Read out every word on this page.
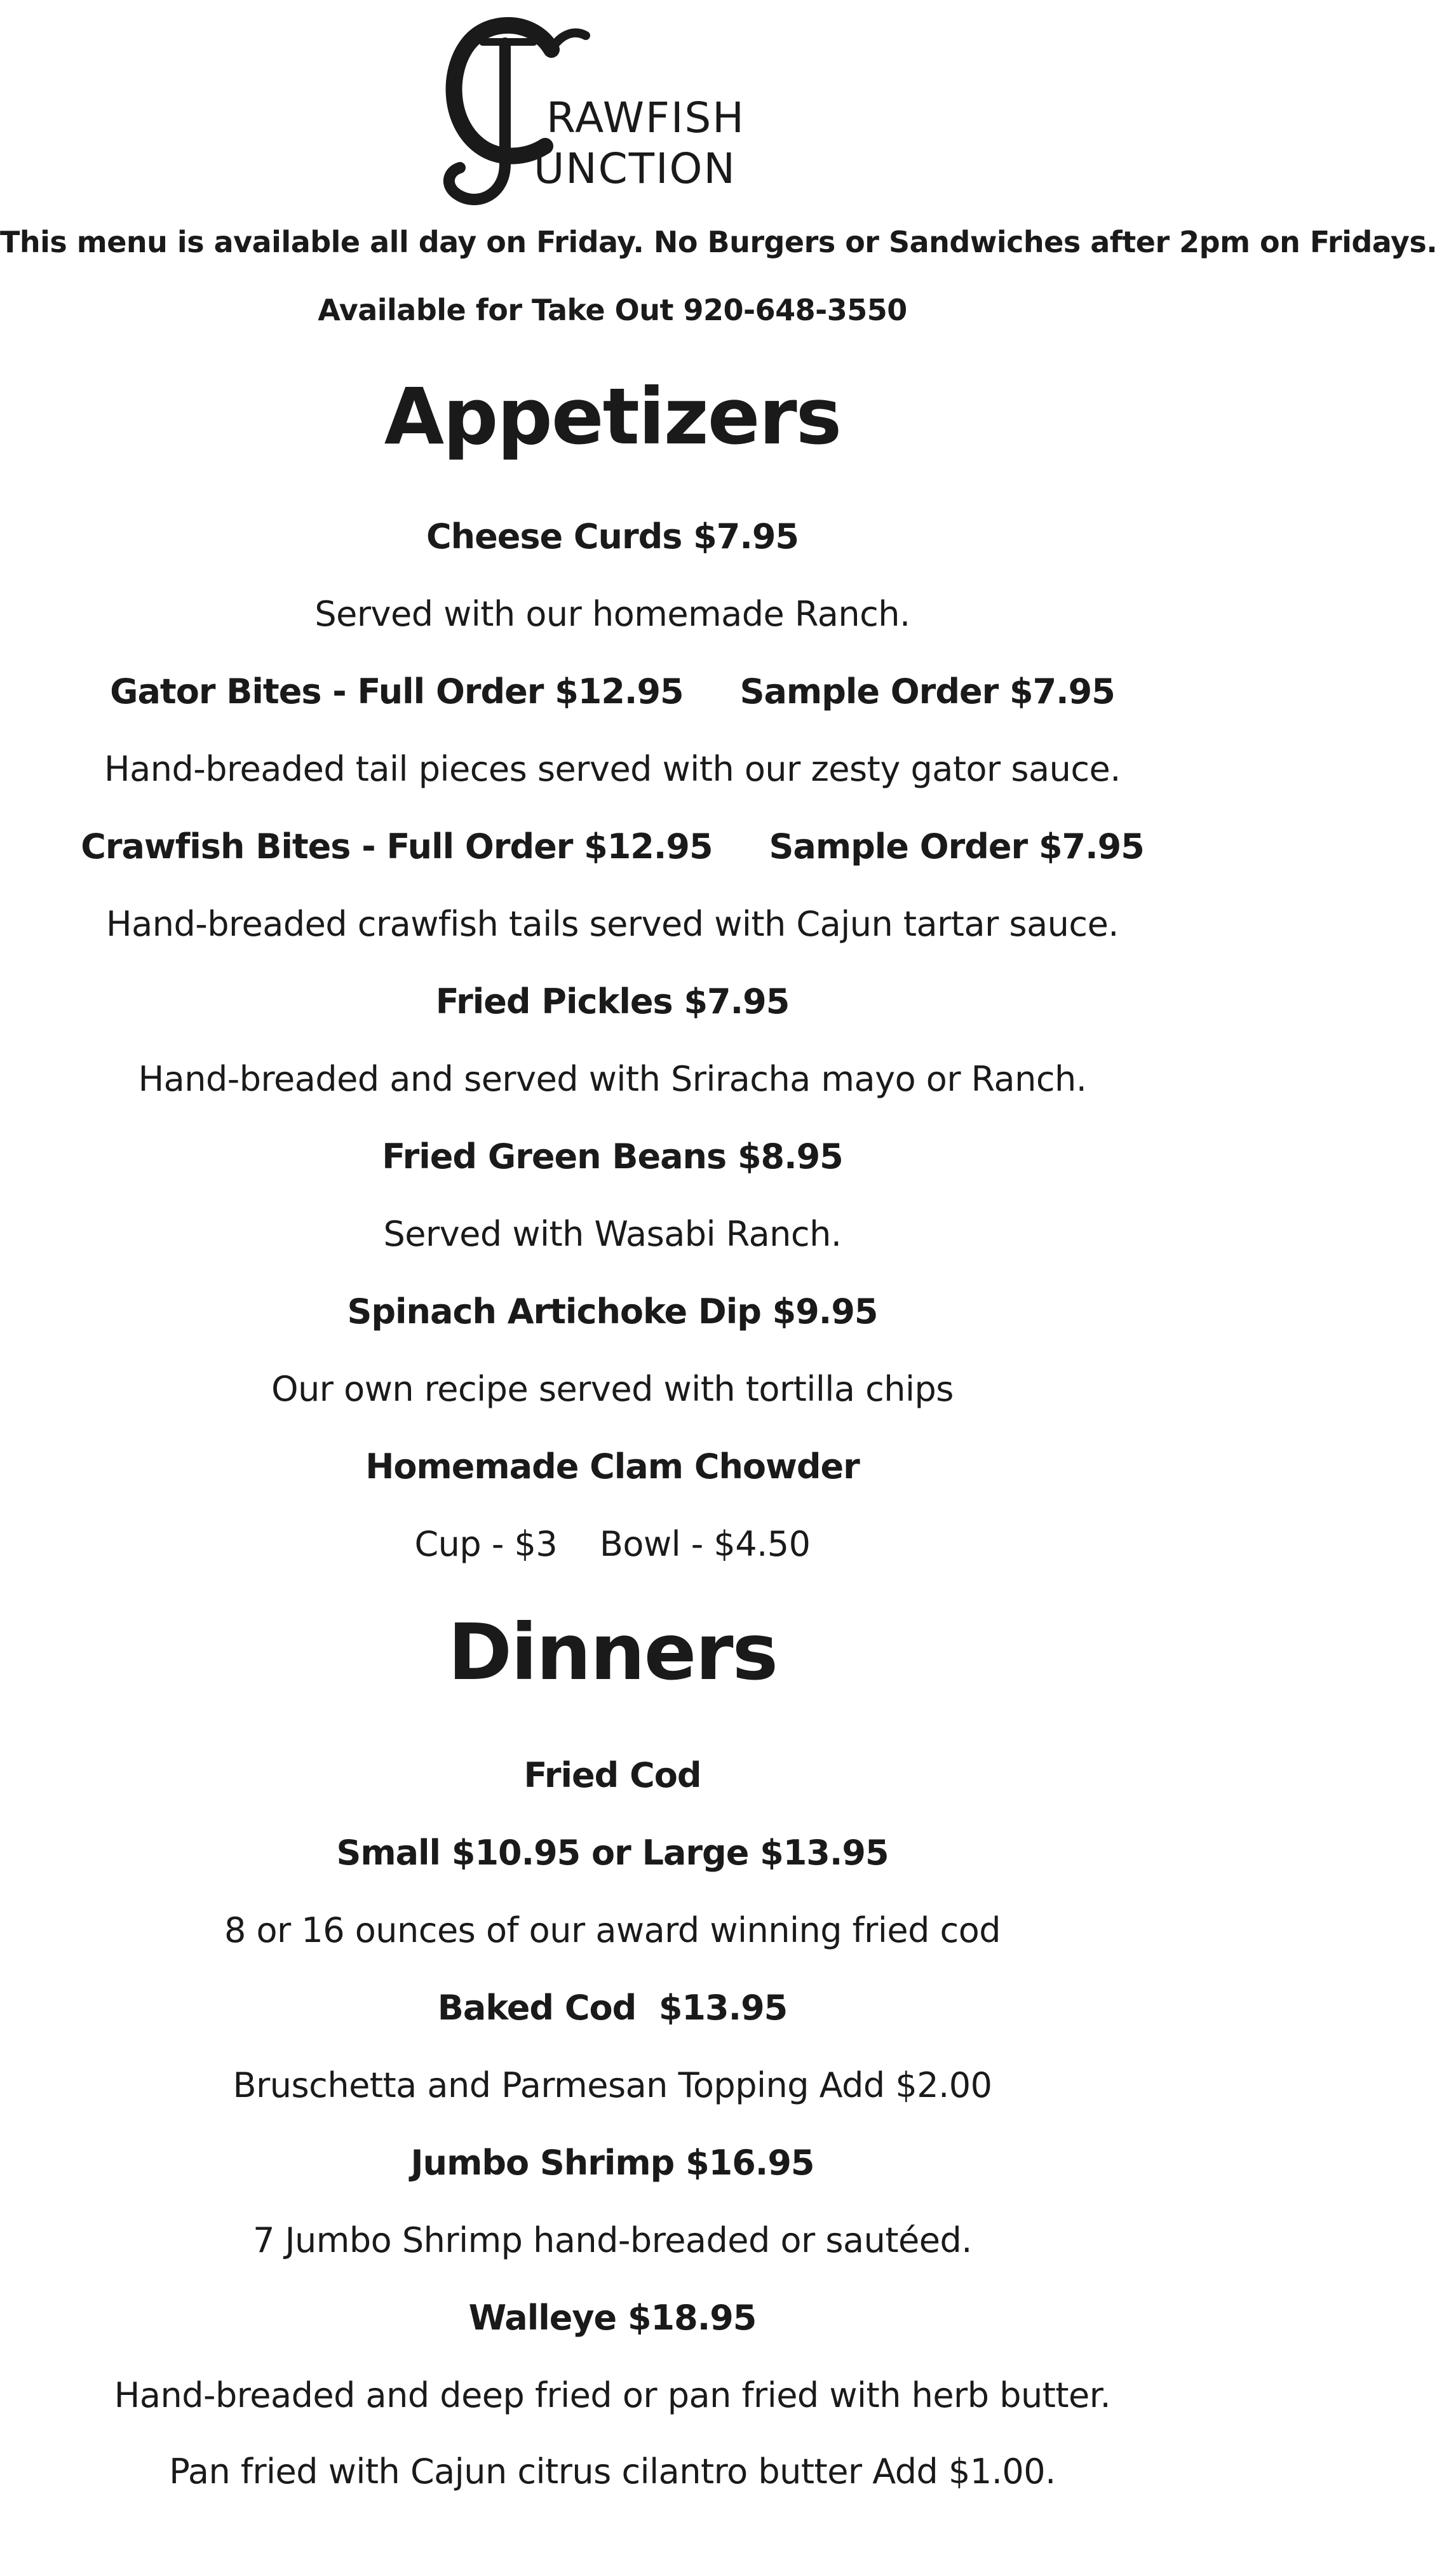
RAWFISH
UNCTION
This menu is available all day on Friday. No Burgers or Sandwiches after 2pm on Fridays.
Available for Take Out 920-648-3550
Appetizers
Cheese Curds $7.95
Served with our homemade Ranch.
Gator Bites - Full Order $12.95     Sample Order $7.95
Hand-breaded tail pieces served with our zesty gator sauce.
Crawfish Bites - Full Order $12.95     Sample Order $7.95
Hand-breaded crawfish tails served with Cajun tartar sauce.
Fried Pickles $7.95
Hand-breaded and served with Sriracha mayo or Ranch.
Fried Green Beans $8.95
Served with Wasabi Ranch.
Spinach Artichoke Dip $9.95
Our own recipe served with tortilla chips
Homemade Clam Chowder
Cup - $3    Bowl - $4.50
Dinners
Fried Cod
Small $10.95 or Large $13.95
8 or 16 ounces of our award winning fried cod
Baked Cod  $13.95
Bruschetta and Parmesan Topping Add $2.00
Jumbo Shrimp $16.95
7 Jumbo Shrimp hand-breaded or sautéed.
Walleye $18.95
Hand-breaded and deep fried or pan fried with herb butter.
Pan fried with Cajun citrus cilantro butter Add $1.00.
